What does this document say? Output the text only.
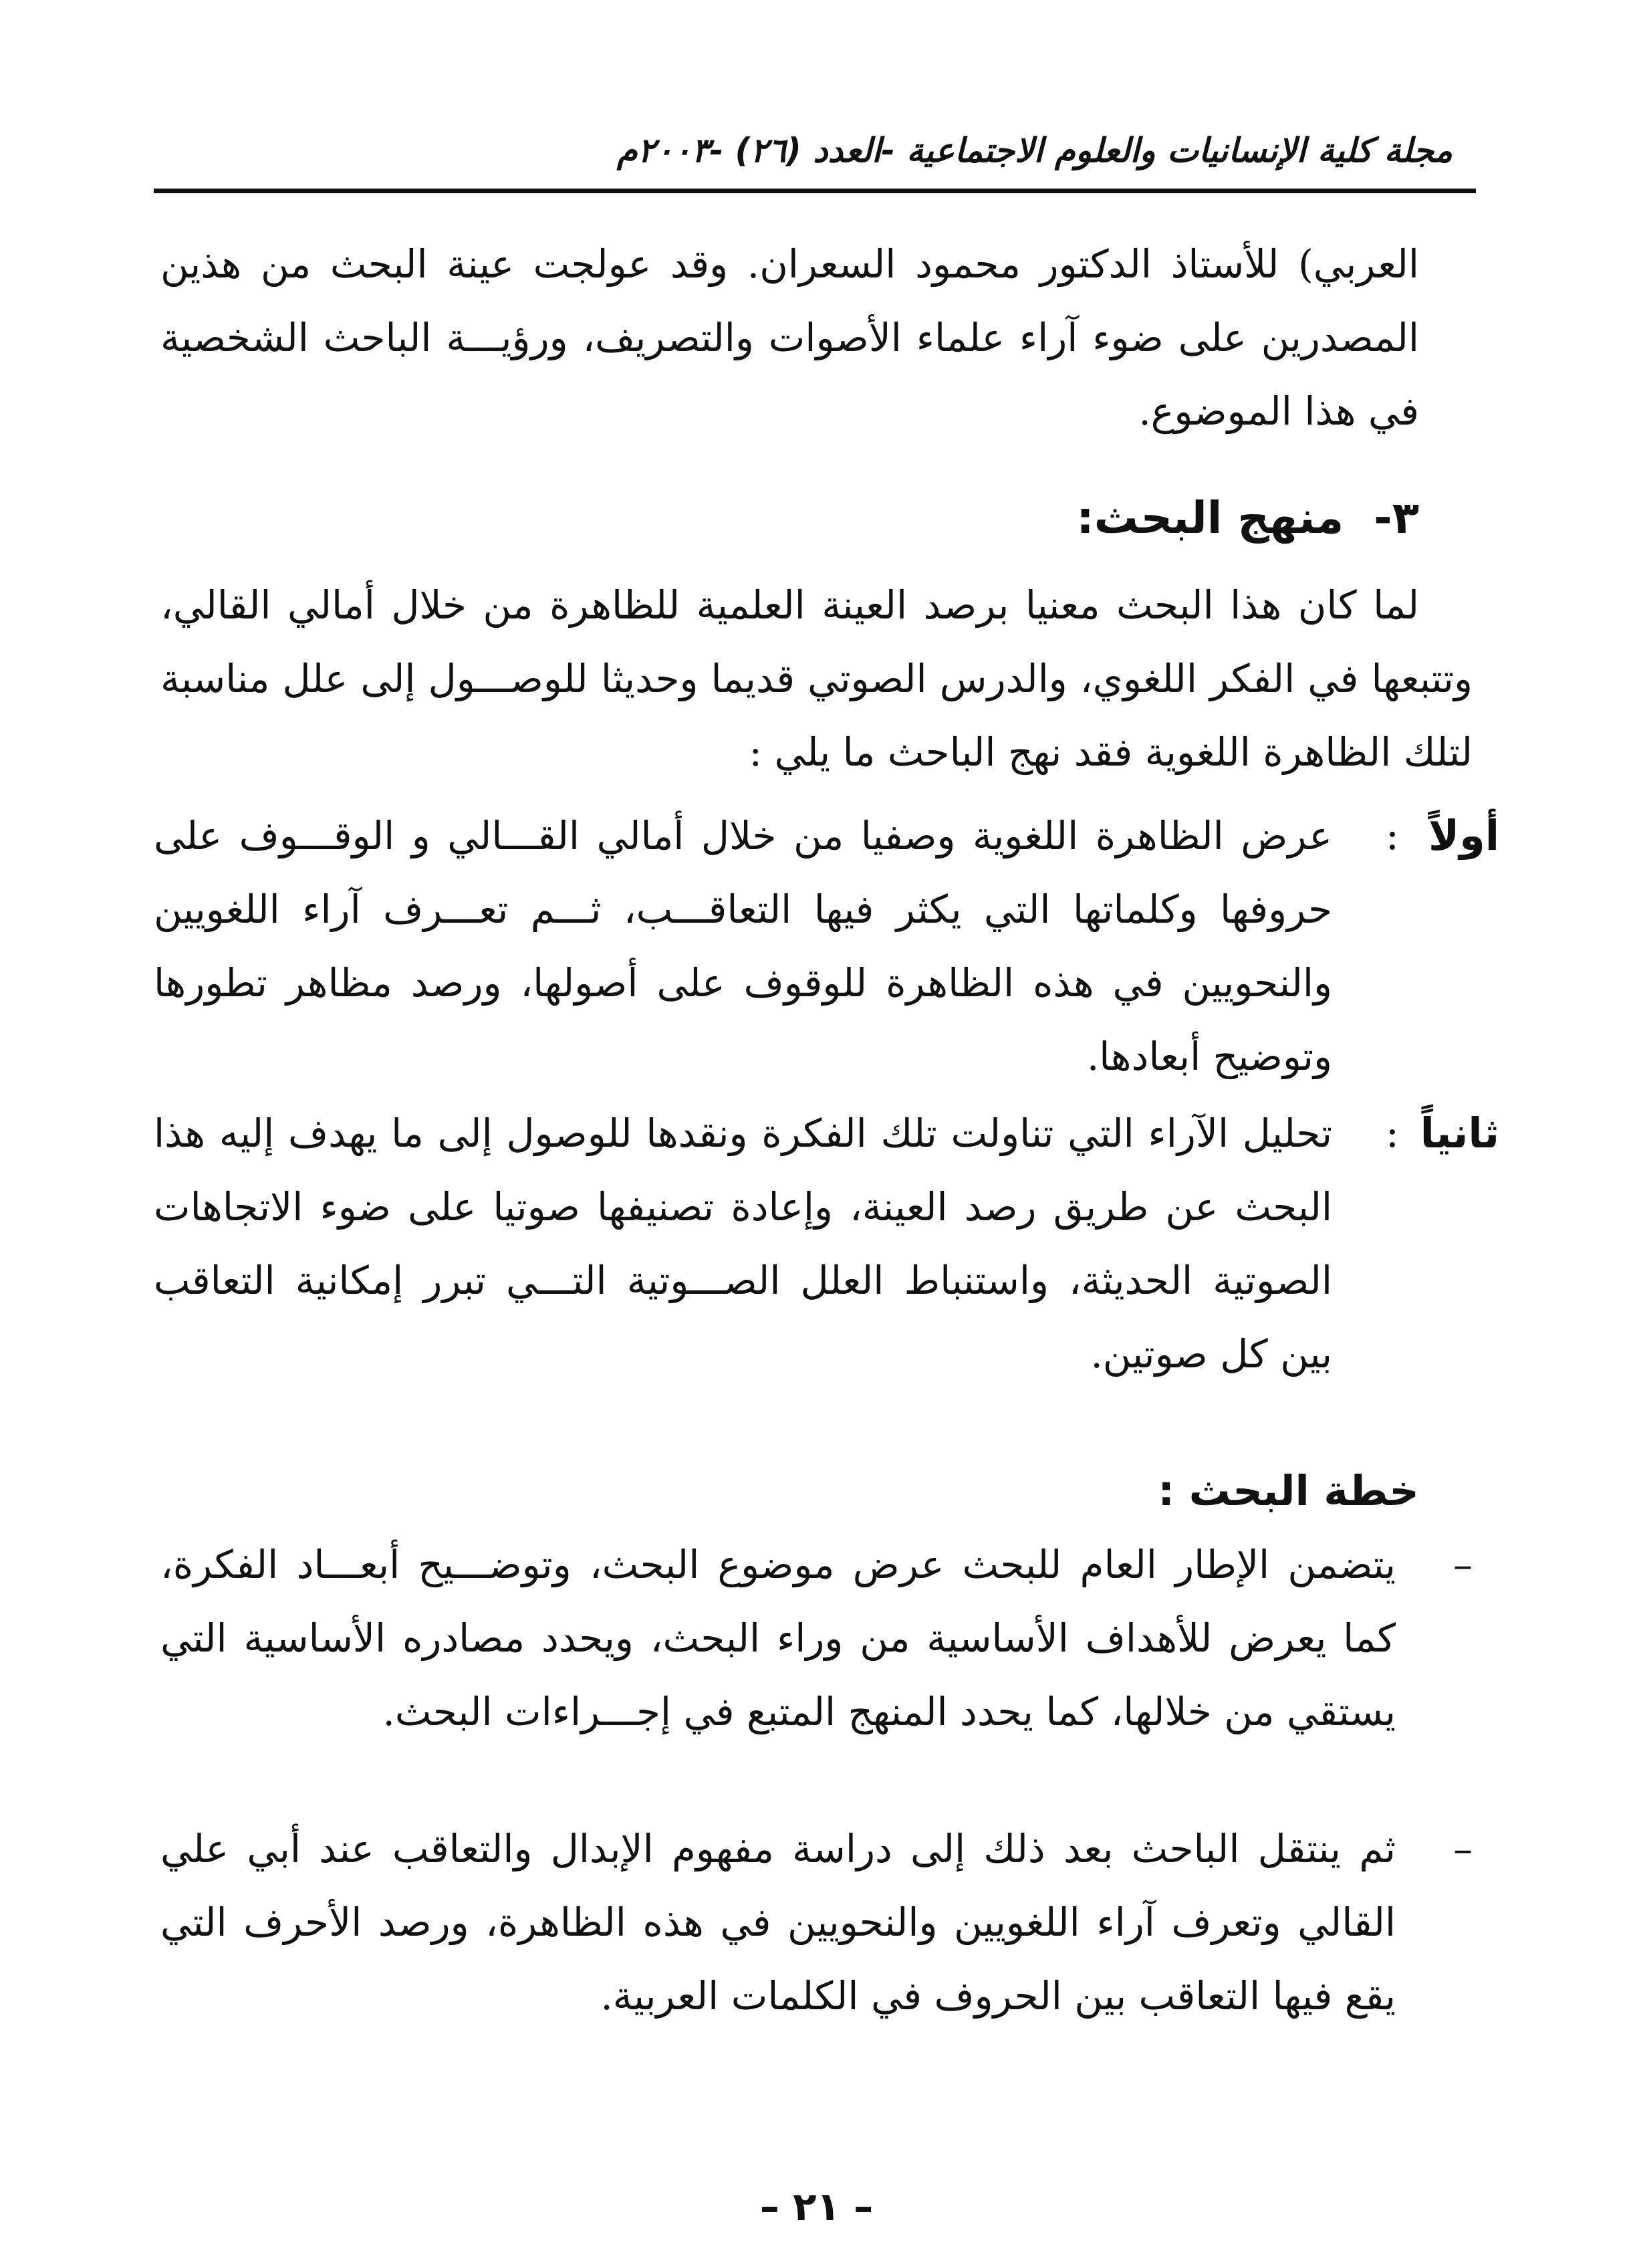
مجلة كلية الإنسانيات والعلوم الاجتماعية -العدد (٢٦) -٢٠٠٣م
العربي) للأستاذ الدكتور محمود السعران. وقد عولجت عينة البحث من هذين المصدرين على ضوء آراء علماء الأصوات والتصريف، ورؤيـــة الباحث الشخصية في هذا الموضوع.
٣-منهج البحث:
لما كان هذا البحث معنيا برصد العينة العلمية للظاهرة من خلال أمالي القالي، وتتبعها في الفكر اللغوي، والدرس الصوتي قديما وحديثا للوصـــول إلى علل مناسبة لتلك الظاهرة اللغوية فقد نهج الباحث ما يلي :
أولاً
:
عرض الظاهرة اللغوية وصفيا من خلال أمالي القـــالي و الوقـــوف على حروفها وكلماتها التي يكثر فيها التعاقـــب، ثـــم تعـــرف آراء اللغويين والنحويين في هذه الظاهرة للوقوف على أصولها، ورصد مظاهر تطورها وتوضيح أبعادها.
ثانياً
:
تحليل الآراء التي تناولت تلك الفكرة ونقدها للوصول إلى ما يهدف إليه هذا البحث عن طريق رصد العينة، وإعادة تصنيفها صوتيا على ضوء الاتجاهات الصوتية الحديثة، واستنباط العلل الصـــوتية التـــي تبرر إمكانية التعاقب بين كل صوتين.
خطة البحث :
–
يتضمن الإطار العام للبحث عرض موضوع البحث، وتوضـــيح أبعـــاد الفكرة، كما يعرض للأهداف الأساسية من وراء البحث، ويحدد مصادره الأساسية التي يستقي من خلالها، كما يحدد المنهج المتبع في إجـــراءات البحث.
–
ثم ينتقل الباحث بعد ذلك إلى دراسة مفهوم الإبدال والتعاقب عند أبي علي القالي وتعرف آراء اللغويين والنحويين في هذه الظاهرة، ورصد الأحرف التي يقع فيها التعاقب بين الحروف في الكلمات العربية.
– ٢١ –
